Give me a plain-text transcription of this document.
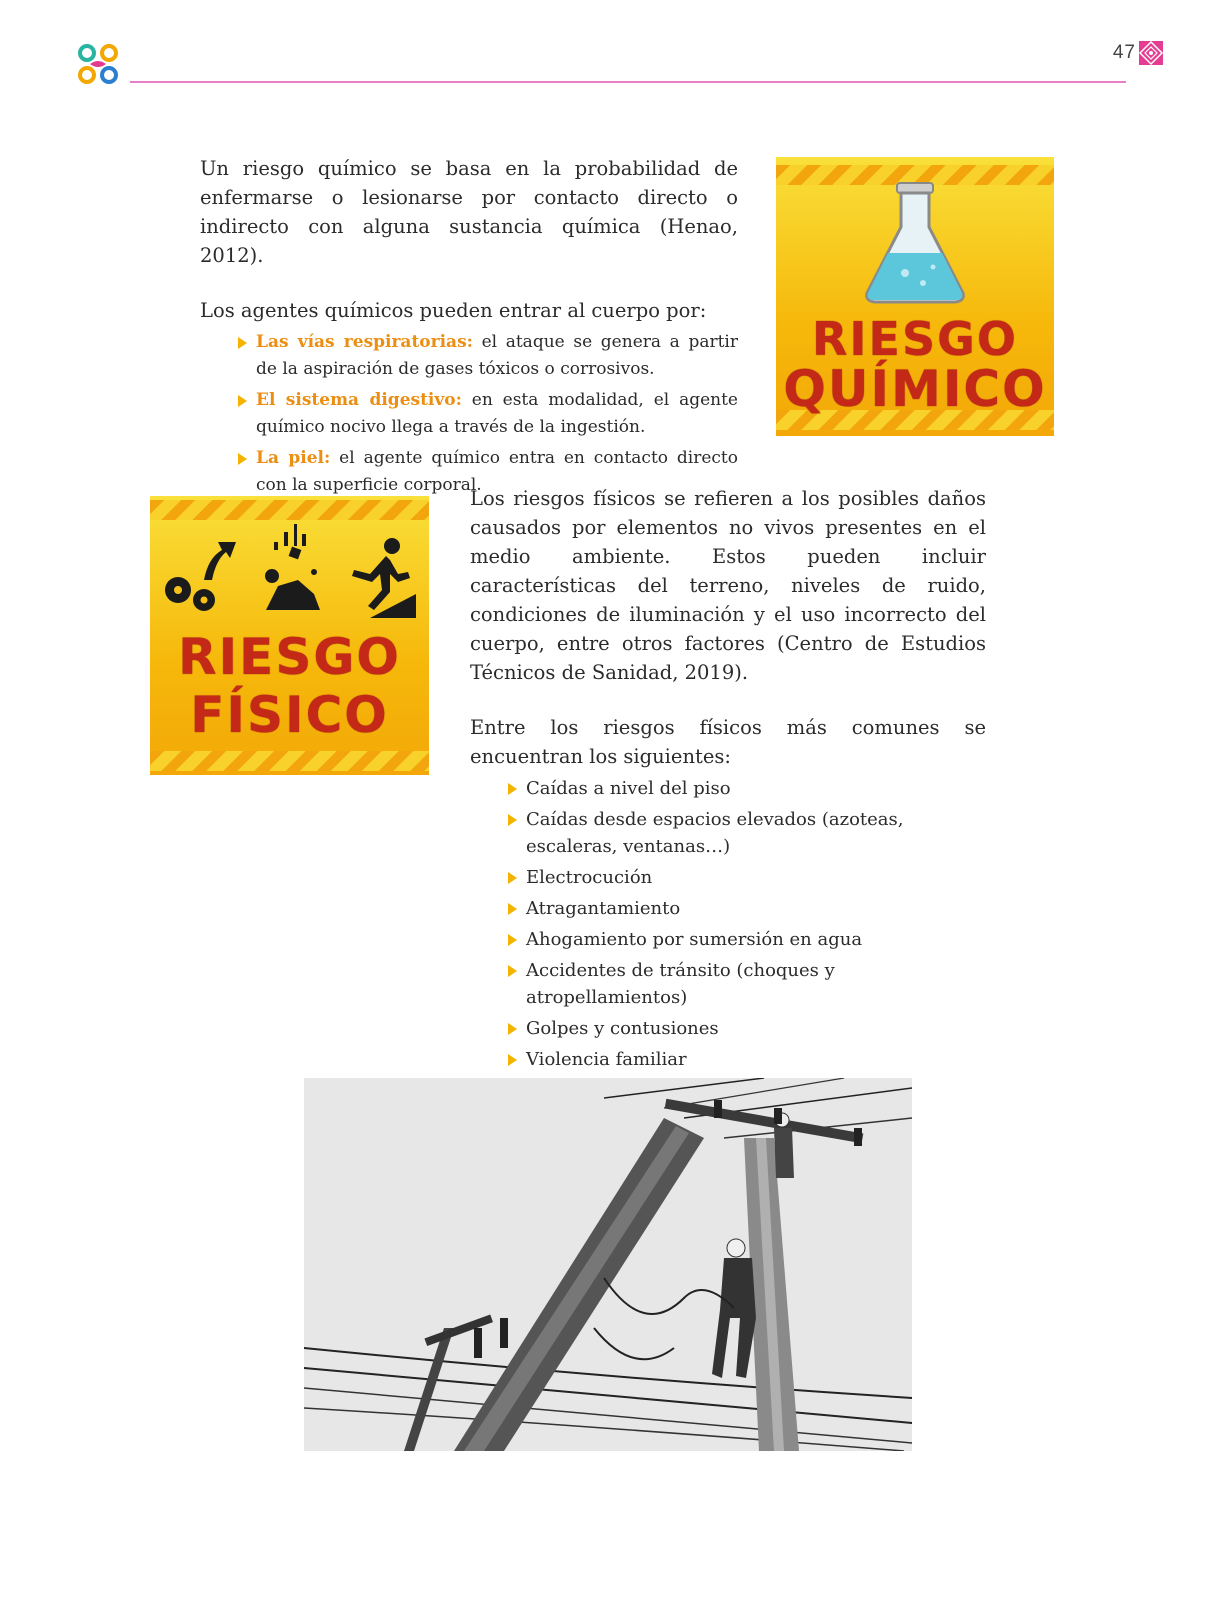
47

Un riesgo químico se basa en la probabilidad de enfermarse o lesionarse por contacto directo o indirecto con alguna sustancia química (Henao, 2012).

Los agentes químicos pueden entrar al cuerpo por:

Las vías respiratorias: el ataque se genera a partir de la aspiración de gases tóxicos o corrosivos.
El sistema digestivo: en esta modalidad, el agente químico nocivo llega a través de la ingestión.
La piel: el agente químico entra en contacto directo con la superficie corporal.
RIESGO
QUÍMICO
RIESGO
FÍSICO

Los riesgos físicos se refieren a los posibles daños causados por elementos no vivos presentes en el medio ambiente. Estos pueden incluir características del terreno, niveles de ruido, condiciones de iluminación y el uso incorrecto del cuerpo, entre otros factores (Centro de Estudios Técnicos de Sanidad, 2019).

Entre los riesgos físicos más comunes se encuentran los siguientes:

Caídas a nivel del piso
Caídas desde espacios elevados (azoteas, escaleras, ventanas…)
Electrocución
Atragantamiento
Ahogamiento por sumersión en agua
Accidentes de tránsito (choques y atropellamientos)
Golpes y contusiones
Violencia familiar
